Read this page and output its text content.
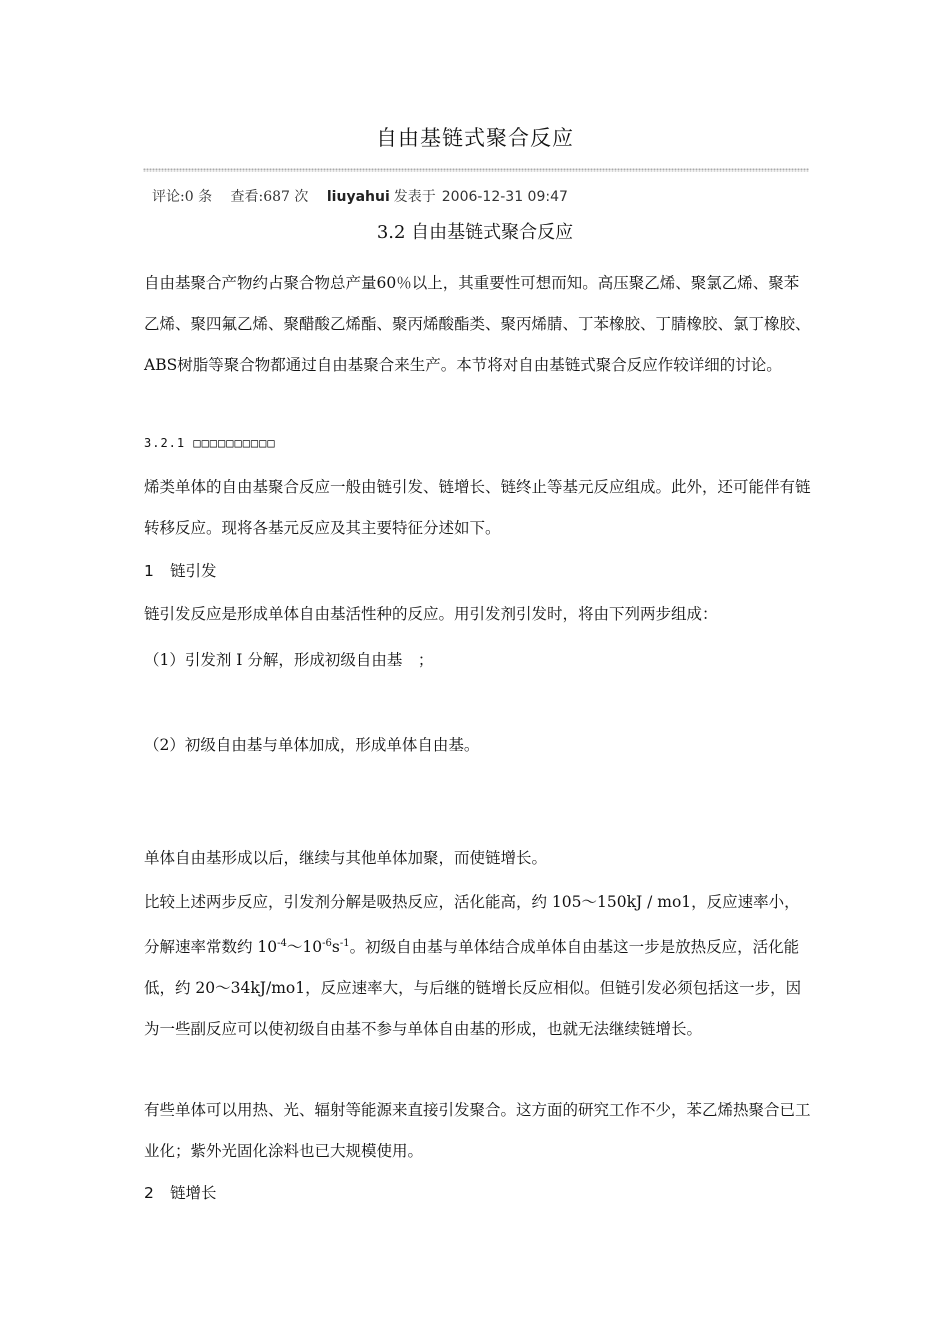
自由基链式聚合反应
评论:0 条 查看:687 次 liuyahui 发表于 2006-12-31 09:47
3.2 自由基链式聚合反应

自由基聚合产物约占聚合物总产量60％以上，其重要性可想而知。高压聚乙烯、聚氯乙烯、聚苯乙烯、聚四氟乙烯、聚醋酸乙烯酯、聚丙烯酸酯类、聚丙烯腈、丁苯橡胶、丁腈橡胶、氯丁橡胶、ABS树脂等聚合物都通过自由基聚合来生产。本节将对自由基链式聚合反应作较详细的讨论。

3.2.1 □□□□□□□□□□

烯类单体的自由基聚合反应一般由链引发、链增长、链终止等基元反应组成。此外，还可能伴有链转移反应。现将各基元反应及其主要特征分述如下。

1 链引发

链引发反应是形成单体自由基活性种的反应。用引发剂引发时，将由下列两步组成：

（1）引发剂 I 分解，形成初级自由基　；

（2）初级自由基与单体加成，形成单体自由基。

单体自由基形成以后，继续与其他单体加聚，而使链增长。

比较上述两步反应，引发剂分解是吸热反应，活化能高，约 105～150kJ / mo1，反应速率小，分解速率常数约 $10^{-4}\sim 10^{-6}s^{-1}$。初级自由基与单体结合成单体自由基这一步是放热反应，活化能低，约 20～34kJ/mo1，反应速率大，与后继的链增长反应相似。但链引发必须包括这一步，因为一些副反应可以使初级自由基不参与单体自由基的形成，也就无法继续链增长。

有些单体可以用热、光、辐射等能源来直接引发聚合。这方面的研究工作不少，苯乙烯热聚合已工业化；紫外光固化涂料也已大规模使用。

2 链增长
